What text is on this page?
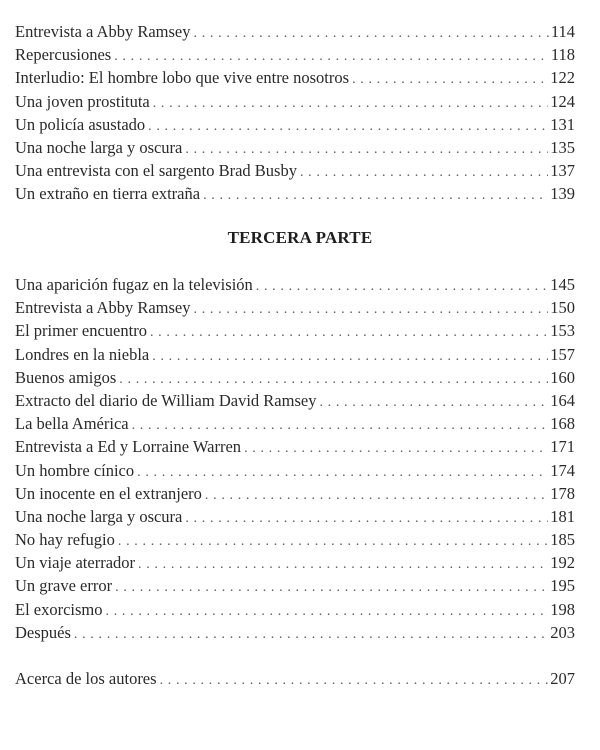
Entrevista a Abby Ramsey . . .	114
Repercusiones . . .	118
Interludio: El hombre lobo que vive entre nosotros . . .	122
Una joven prostituta . . .	124
Un policía asustado . . .	131
Una noche larga y oscura . . .	135
Una entrevista con el sargento Brad Busby . . .	137
Un extraño en tierra extraña . . .	139
TERCERA PARTE
Una aparición fugaz en la televisión . . .	145
Entrevista a Abby Ramsey . . .	150
El primer encuentro . . .	153
Londres en la niebla . . .	157
Buenos amigos . . .	160
Extracto del diario de William David Ramsey . . .	164
La bella América . . .	168
Entrevista a Ed y Lorraine Warren . . .	171
Un hombre cínico . . .	174
Un inocente en el extranjero . . .	178
Una noche larga y oscura . . .	181
No hay refugio . . .	185
Un viaje aterrador . . .	192
Un grave error . . .	195
El exorcismo . . .	198
Después . . .	203
Acerca de los autores . . .	207
